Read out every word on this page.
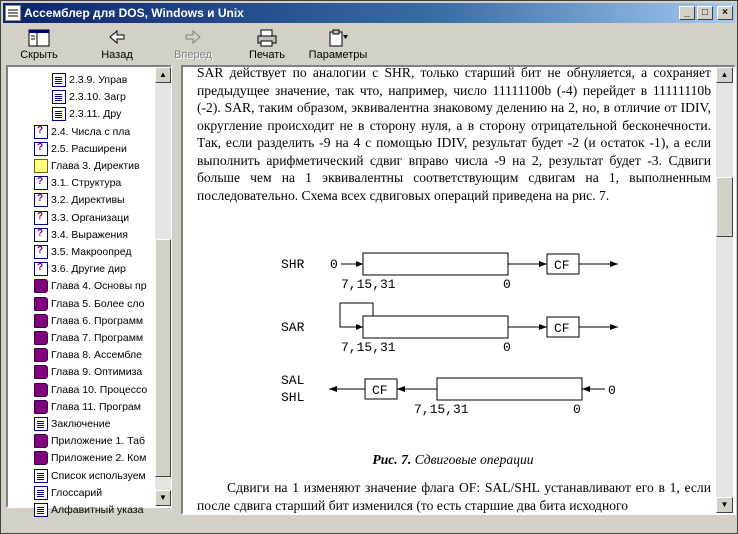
Ассемблер для DOS, Windows и Unix	_	□	×
Скрыть	Назад	Вперед	Печать Параметры
2.3.9. Управ
2.3.10. Загр
2.3.11. Дру
?
2.4. Числа с пла
?
2.5. Расширени
Глава 3. Директив
?
3.1. Структура
?
3.2. Директивы
?
3.3. Организаци
?
3.4. Выражения
?
3.5. Макроопред
?
3.6. Другие дир
Глава 4. Основы пр
Глава 5. Более сло
Глава 6. Программ
Глава 7. Программ
Глава 8. Ассембле
Глава 9. Оптимиза
Глава 10. Процессо
Глава 11. Програм
Заключение
Приложение 1. Таб
Приложение 2. Ком
Список используем
Глоссарий
Алфавитный указа
▲
▼

SAR действует по аналогии с SHR, только старший бит не обнуляется, а сохраняет предыдущее значение, так что, например, число 11111100b (-4) перейдет в 11111110b (-2). SAR, таким образом, эквивалентна знаковому делению на 2, но, в отличие от IDIV, округление происходит не в сторону нуля, а в сторону отрицательной бесконечности. Так, если разделить -9 на 4 с помощью IDIV, результат будет -2 (и остаток -1), а если выполнить арифметический сдвиг вправо числа -9 на 2, результат будет -3. Сдвиги больше чем на 1 эквивалентны соответствующим сдвигам на 1, выполненным последовательно. Схема всех сдвиговых операций приведена на рис. 7.

SHR 0	CF
7,15,31	0
SAR	CF
7,15,31	0
SAL
SHL	CF	0
7,15,31	0
Рис. 7. Сдвиговые операции
Сдвиги на 1 изменяют значение флага OF: SAL/SHL устанавливают его в 1, если после сдвига старший бит изменился (то есть старшие два бита исходного
▲
▼
